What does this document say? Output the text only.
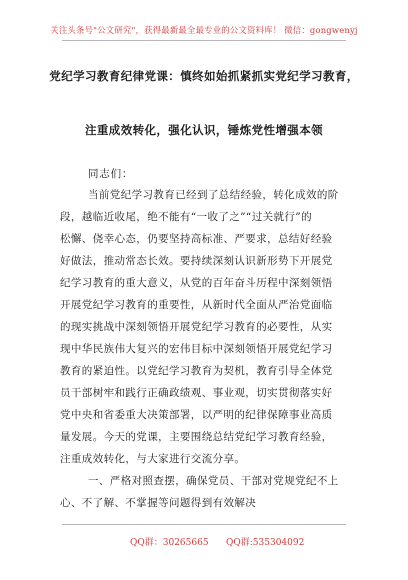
关注头条号"公文研究"，获得最新最全最专业的公文资料库！ 微信：gongwenyj
党纪学习教育纪律党课：慎终如始抓紧抓实党纪学习教育，
注重成效转化，强化认识，锤炼党性增强本领
同志们：
当前党纪学习教育已经到了总结经验，转化成效的阶
段，越临近收尾，绝不能有“一收了之”“过关就行”的
松懈、侥幸心态，仍要坚持高标准、严要求，总结好经验
好做法，推动常态长效。要持续深刻认识新形势下开展党
纪学习教育的重大意义，从党的百年奋斗历程中深刻领悟
开展党纪学习教育的重要性，从新时代全面从严治党面临
的现实挑战中深刻领悟开展党纪学习教育的必要性，从实
现中华民族伟大复兴的宏伟目标中深刻领悟开展党纪学习
教育的紧迫性。以党纪学习教育为契机，教育引导全体党
员干部树牢和践行正确政绩观、事业观，切实贯彻落实好
党中央和省委重大决策部署，以严明的纪律保障事业高质
量发展。今天的党课，主要围绕总结党纪学习教育经验，
注重成效转化，与大家进行交流分享。
一、严格对照查摆，确保党员、干部对党规党纪不上
心、不了解、不掌握等问题得到有效解决
QQ群：30265665 QQ群:535304092
